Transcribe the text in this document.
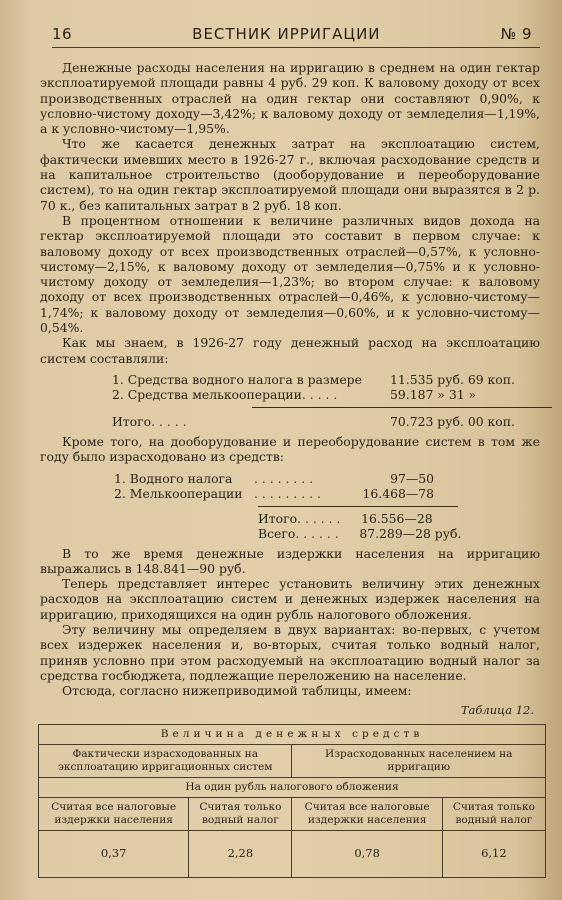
16	ВЕСТНИК ИРРИГАЦИИ	№ 9

Денежные расходы населения на ирригацию в среднем на один гектар эксплоатируемой площади равны 4 руб. 29 коп. К валовому доходу от всех производственных отраслей на один гектар они составляют 0,90%, к условно-чистому доходу—3,42%; к валовому доходу от земледелия—1,19%, а к условно-чистому—1,95%.

Что же касается денежных затрат на эксплоатацию систем, фактически имевших место в 1926-27 г., включая расходование средств и на капитальное строительство (дооборудование и переоборудование систем), то на один гектар эксплоатируемой площади они выразятся в 2 р. 70 к., без капитальных затрат в 2 руб. 18 коп.

В процентном отношении к величине различных видов дохода на гектар эксплоатируемой площади это составит в первом случае: к валовому доходу от всех производственных отраслей—0,57%, к условно-чистому—2,15%, к валовому доходу от земледелия—0,75% и к условно-чистому доходу от земледелия—1,23%; во втором случае: к валовому доходу от всех производственных отраслей—0,46%, к условно-чистому—1,74%; к валовому доходу от земледелия—0,60%, и к условно-чистому—0,54%.

Как мы знаем, в 1926-27 году денежный расход на эксплоатацию систем составляли:

1. Средства водного налога в размере 11.535 руб. 69 коп.
2. Средства мелькооперации . . . . .	59.187 » 31 »
Итого . . . . .	70.723 руб. 00 коп.

Кроме того, на дооборудование и переоборудование систем в том же году было израсходовано из средств:

1. Водного налога	. . . . . . . .	97—50
2. Мелькооперации . . . . . . . . .	16.468—78
Итого . . . . . .	16.556—28
Всего . . . . . .	87.289—28 руб.

В то же время денежные издержки населения на ирригацию выражались в 148.841—90 руб.

Теперь представляет интерес установить величину этих денежных расходов на эксплоатацию систем и денежных издержек населения на ирригацию, приходящихся на один рубль налогового обложения.

Эту величину мы определяем в двух вариантах: во-первых, с учетом всех издержек населения и, во-вторых, считая только водный налог, приняв условно при этом расходуемый на эксплоатацию водный налог за средства госбюджета, подлежащие переложению на население.

Отсюда, согласно нижеприводимой таблицы, имеем:

Таблица 12.
Величина денежных средств			
Фактически израсходованных на эксплоатацию ирригационных систем		Израсходованных населением на ирригацию	
На один рубль налогового обложения			
Считая все налоговые издержки населения	Считая только водный налог	Считая все налоговые издержки населения	Считая только водный налог
0,37	2,28	0,78	6,12
